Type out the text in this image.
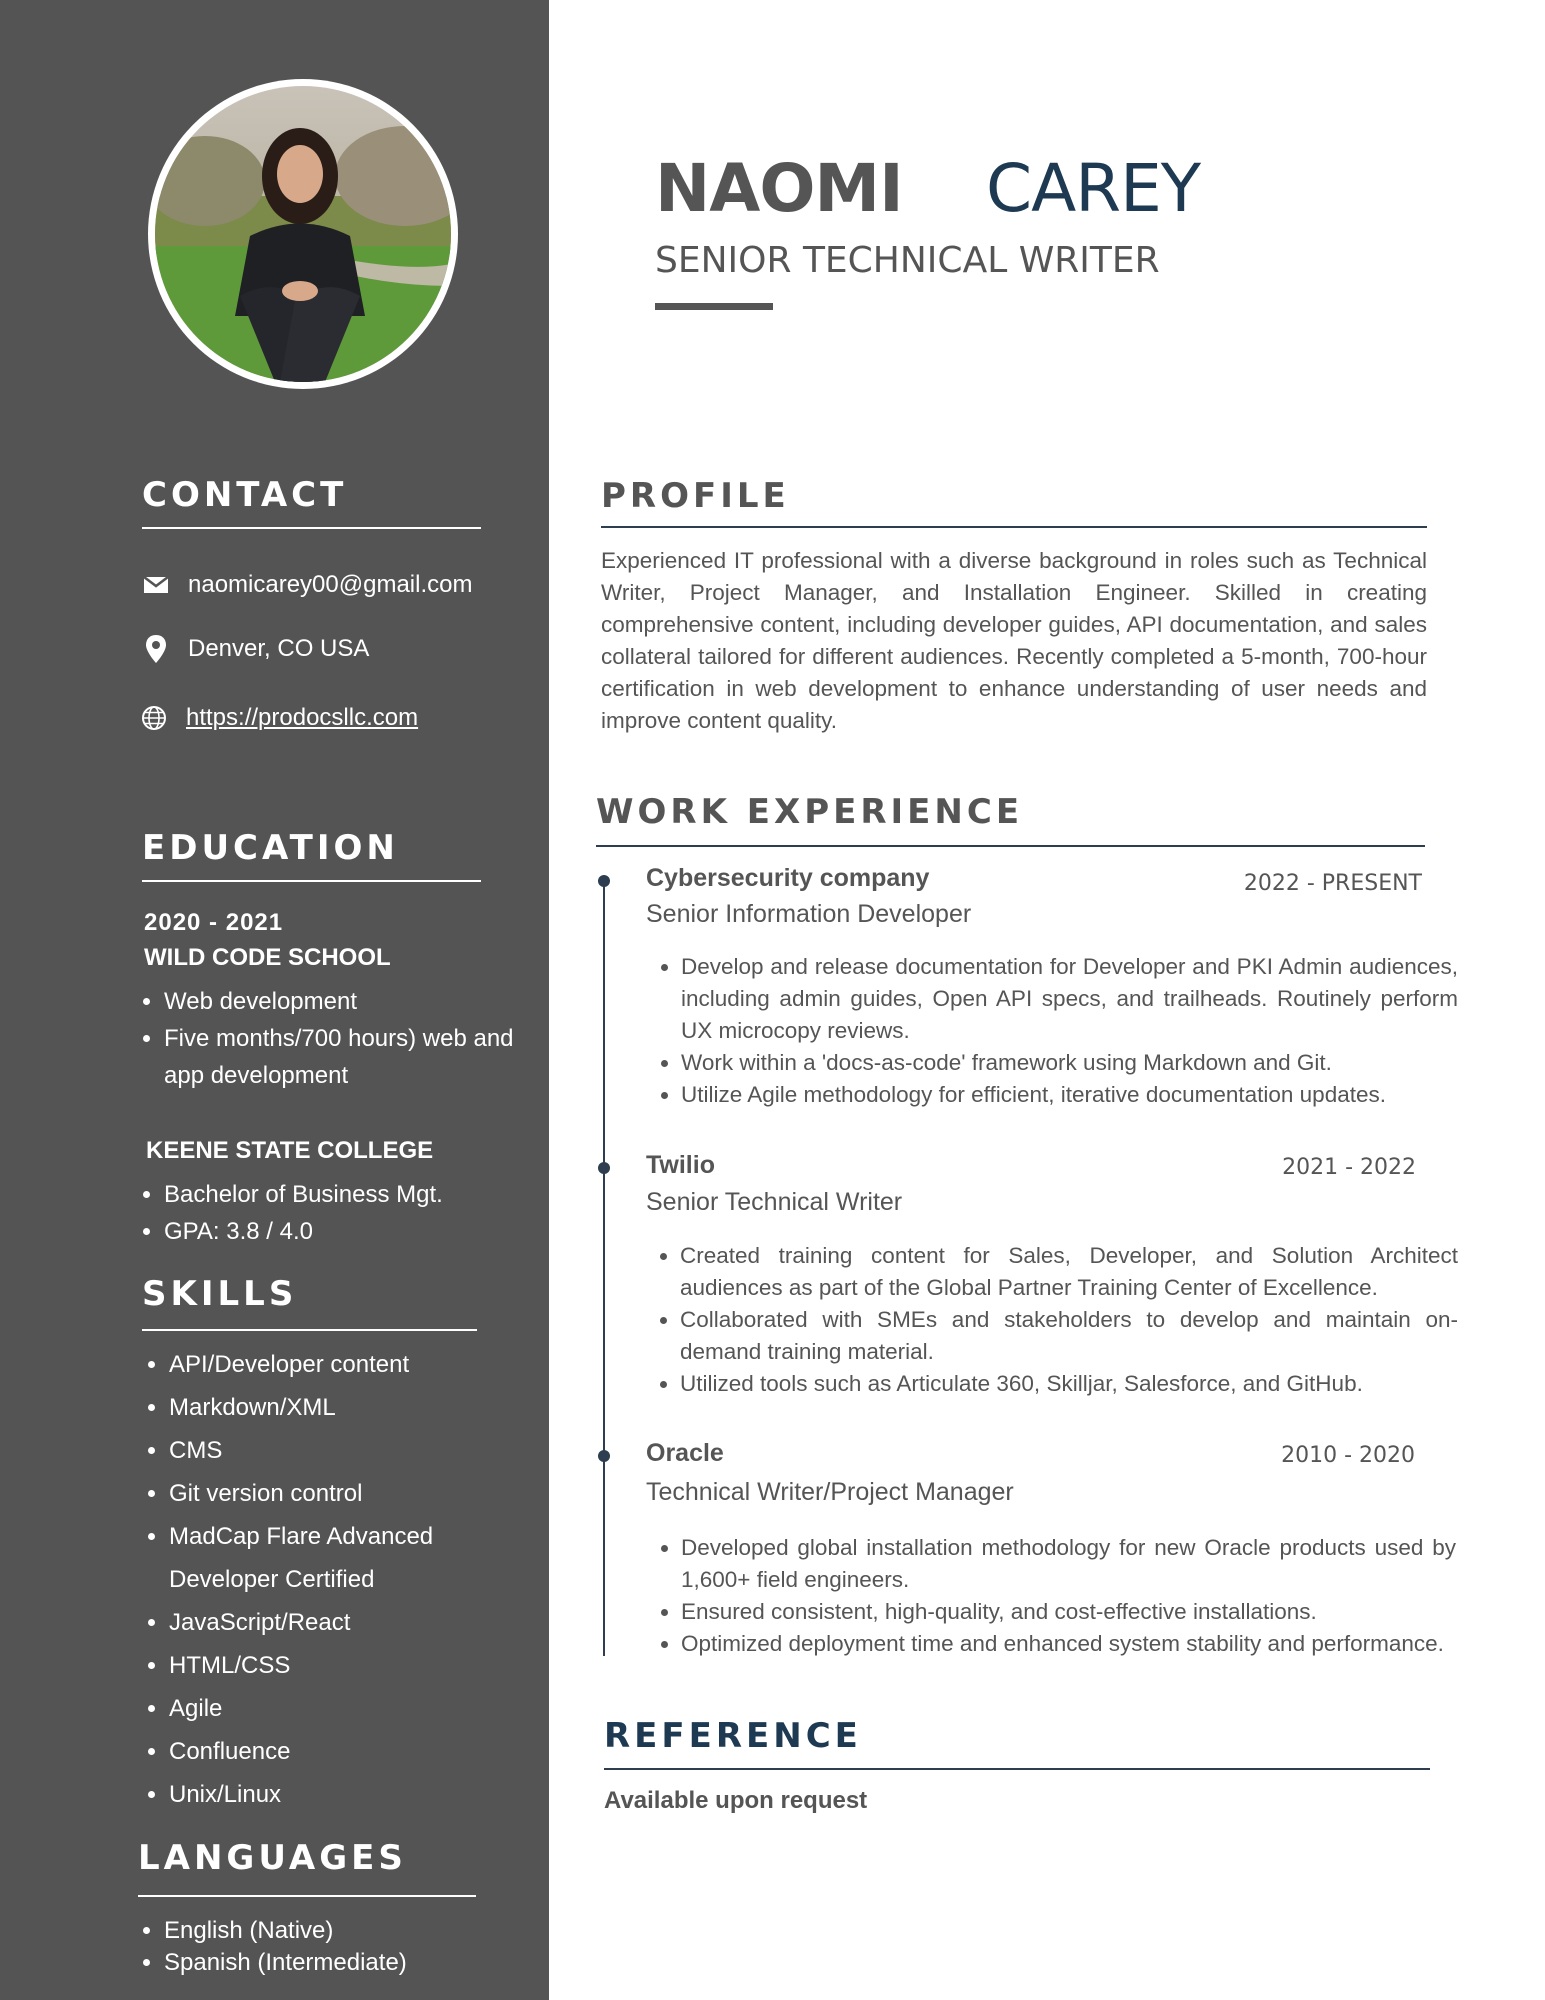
CONTACT
naomicarey00@gmail.com
Denver, CO USA
https://prodocsllc.com
EDUCATION
2020 - 2021
WILD CODE SCHOOL
• Web development
• Five months/700 hours) web and app development
KEENE STATE COLLEGE
• Bachelor of Business Mgt.
• GPA: 3.8 / 4.0
SKILLS
• API/Developer content
• Markdown/XML
• CMS
• Git version control
• MadCap Flare Advanced Developer Certified
• JavaScript/React
• HTML/CSS
• Agile
• Confluence
• Unix/Linux
LANGUAGES
• English (Native)
• Spanish (Intermediate)
NAOMI CAREY
SENIOR TECHNICAL WRITER
PROFILE

Experienced IT professional with a diverse background in roles such as Technical Writer, Project Manager, and Installation Engineer. Skilled in creating comprehensive content, including developer guides, API documentation, and sales collateral tailored for different audiences. Recently completed a 5-month, 700-hour certification in web development to enhance understanding of user needs and improve content quality.

WORK EXPERIENCE
Cybersecurity company	2022 - PRESENT
Senior Information Developer
• Develop and release documentation for Developer and PKI Admin audiences, including admin guides, Open API specs, and trailheads. Routinely perform UX microcopy reviews.
• Work within a 'docs-as-code' framework using Markdown and Git.
• Utilize Agile methodology for efficient, iterative documentation updates.
Twilio	2021 - 2022
Senior Technical Writer
• Created training content for Sales, Developer, and Solution Architect audiences as part of the Global Partner Training Center of Excellence.
• Collaborated with SMEs and stakeholders to develop and maintain on-demand training material.
• Utilized tools such as Articulate 360, Skilljar, Salesforce, and GitHub.
Oracle	2010 - 2020
Technical Writer/Project Manager
• Developed global installation methodology for new Oracle products used by 1,600+ field engineers.
• Ensured consistent, high-quality, and cost-effective installations.
• Optimized deployment time and enhanced system stability and performance.
REFERENCE
Available upon request
